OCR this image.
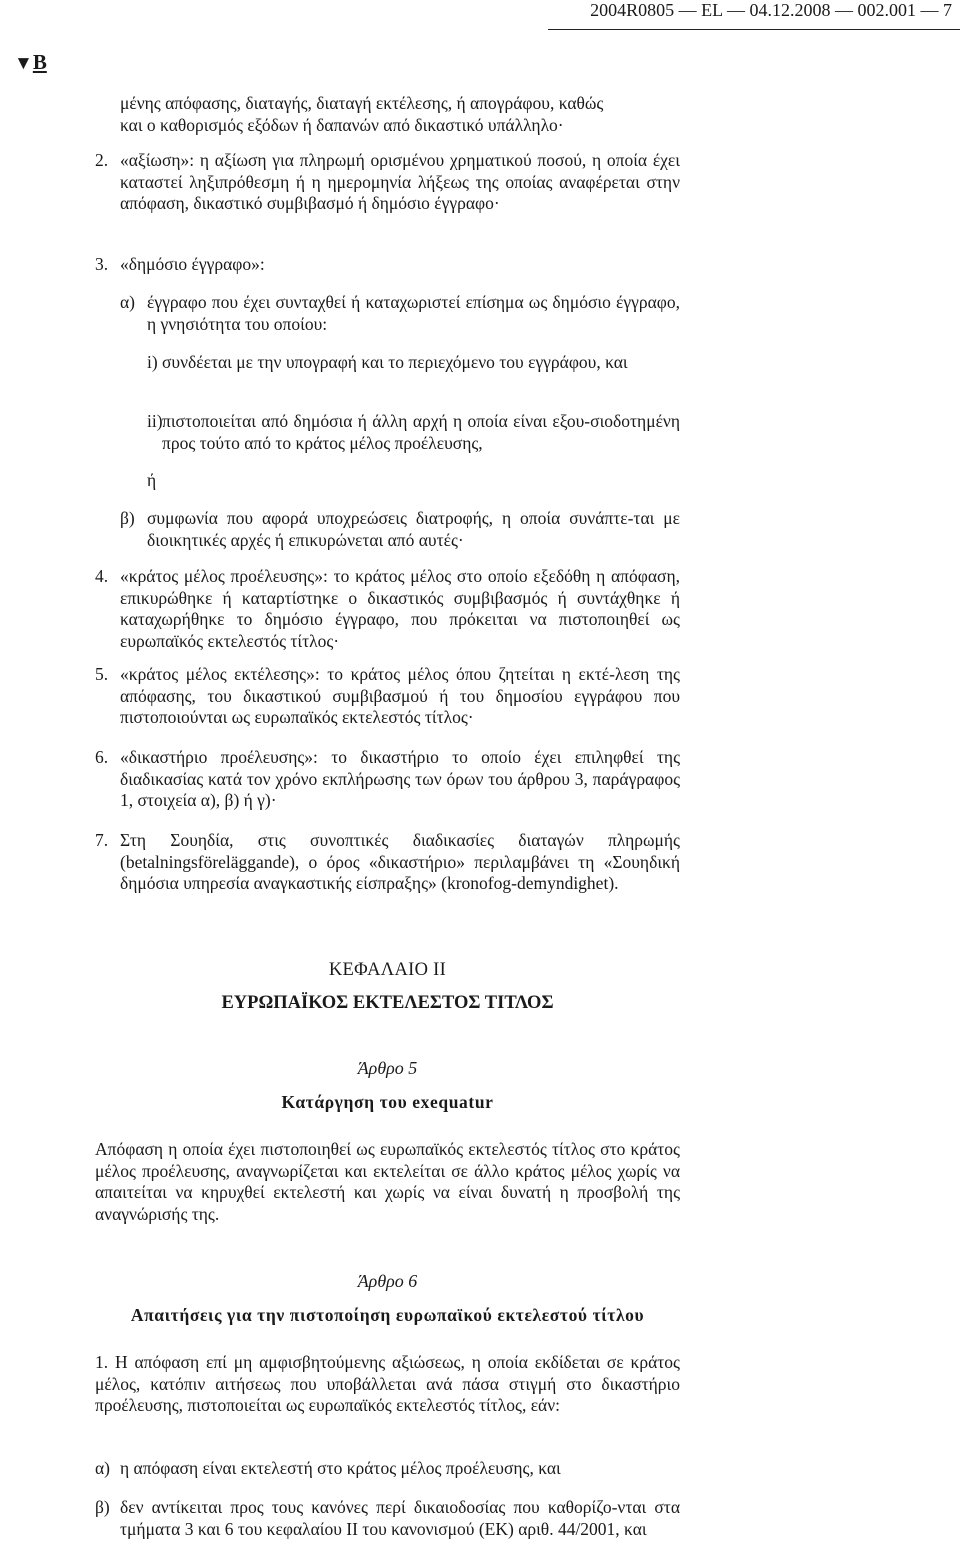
2004R0805 — EL — 04.12.2008 — 002.001 — 7
▼B
μένης απόφασης, διαταγής, διαταγή εκτέλεσης, ή απογράφου, καθώς
και ο καθορισμός εξόδων ή δαπανών από δικαστικό υπάλληλο·
2. «αξίωση»: η αξίωση για πληρωμή ορισμένου χρηματικού ποσού, η οποία έχει καταστεί ληξιπρόθεσμη ή η ημερομηνία λήξεως της οποίας αναφέρεται στην απόφαση, δικαστικό συμβιβασμό ή δημόσιο έγγραφο·
3. «δημόσιο έγγραφο»:
α) έγγραφο που έχει συνταχθεί ή καταχωριστεί επίσημα ως δημόσιο έγγραφο, η γνησιότητα του οποίου:
i) συνδέεται με την υπογραφή και το περιεχόμενο του εγγράφου, και
ii) πιστοποιείται από δημόσια ή άλλη αρχή η οποία είναι εξου-σιοδοτημένη προς τούτο από το κράτος μέλος προέλευσης,
ή
β) συμφωνία που αφορά υποχρεώσεις διατροφής, η οποία συνάπτε-ται με διοικητικές αρχές ή επικυρώνεται από αυτές·
4. «κράτος μέλος προέλευσης»: το κράτος μέλος στο οποίο εξεδόθη η απόφαση, επικυρώθηκε ή καταρτίστηκε ο δικαστικός συμβιβασμός ή συντάχθηκε ή καταχωρήθηκε το δημόσιο έγγραφο, που πρόκειται να πιστοποιηθεί ως ευρωπαϊκός εκτελεστός τίτλος·
5. «κράτος μέλος εκτέλεσης»: το κράτος μέλος όπου ζητείται η εκτέ-λεση της απόφασης, του δικαστικού συμβιβασμού ή του δημοσίου εγγράφου που πιστοποιούνται ως ευρωπαϊκός εκτελεστός τίτλος·
6. «δικαστήριο προέλευσης»: το δικαστήριο το οποίο έχει επιληφθεί της διαδικασίας κατά τον χρόνο εκπλήρωσης των όρων του άρθρου 3, παράγραφος 1, στοιχεία α), β) ή γ)·
7. Στη Σουηδία, στις συνοπτικές διαδικασίες διαταγών πληρωμής (betalningsföreläggande), ο όρος «δικαστήριο» περιλαμβάνει τη «Σουηδική δημόσια υπηρεσία αναγκαστικής είσπραξης» (kronofog-demyndighet).
ΚΕΦΑΛΑΙΟ II
ΕΥΡΩΠΑΪΚΟΣ ΕΚΤΕΛΕΣΤΟΣ ΤΙΤΛΟΣ
Άρθρο 5
Κατάργηση του exequatur
Απόφαση η οποία έχει πιστοποιηθεί ως ευρωπαϊκός εκτελεστός τίτλος στο κράτος μέλος προέλευσης, αναγνωρίζεται και εκτελείται σε άλλο κράτος μέλος χωρίς να απαιτείται να κηρυχθεί εκτελεστή και χωρίς να είναι δυνατή η προσβολή της αναγνώρισής της.
Άρθρο 6
Απαιτήσεις για την πιστοποίηση ευρωπαϊκού εκτελεστού τίτλου
1. Η απόφαση επί μη αμφισβητούμενης αξιώσεως, η οποία εκδίδεται σε κράτος μέλος, κατόπιν αιτήσεως που υποβάλλεται ανά πάσα στιγμή στο δικαστήριο προέλευσης, πιστοποιείται ως ευρωπαϊκός εκτελεστός τίτλος, εάν:
α) η απόφαση είναι εκτελεστή στο κράτος μέλος προέλευσης, και
β) δεν αντίκειται προς τους κανόνες περί δικαιοδοσίας που καθορίζο-νται στα τμήματα 3 και 6 του κεφαλαίου II του κανονισμού (ΕΚ) αριθ. 44/2001, και
